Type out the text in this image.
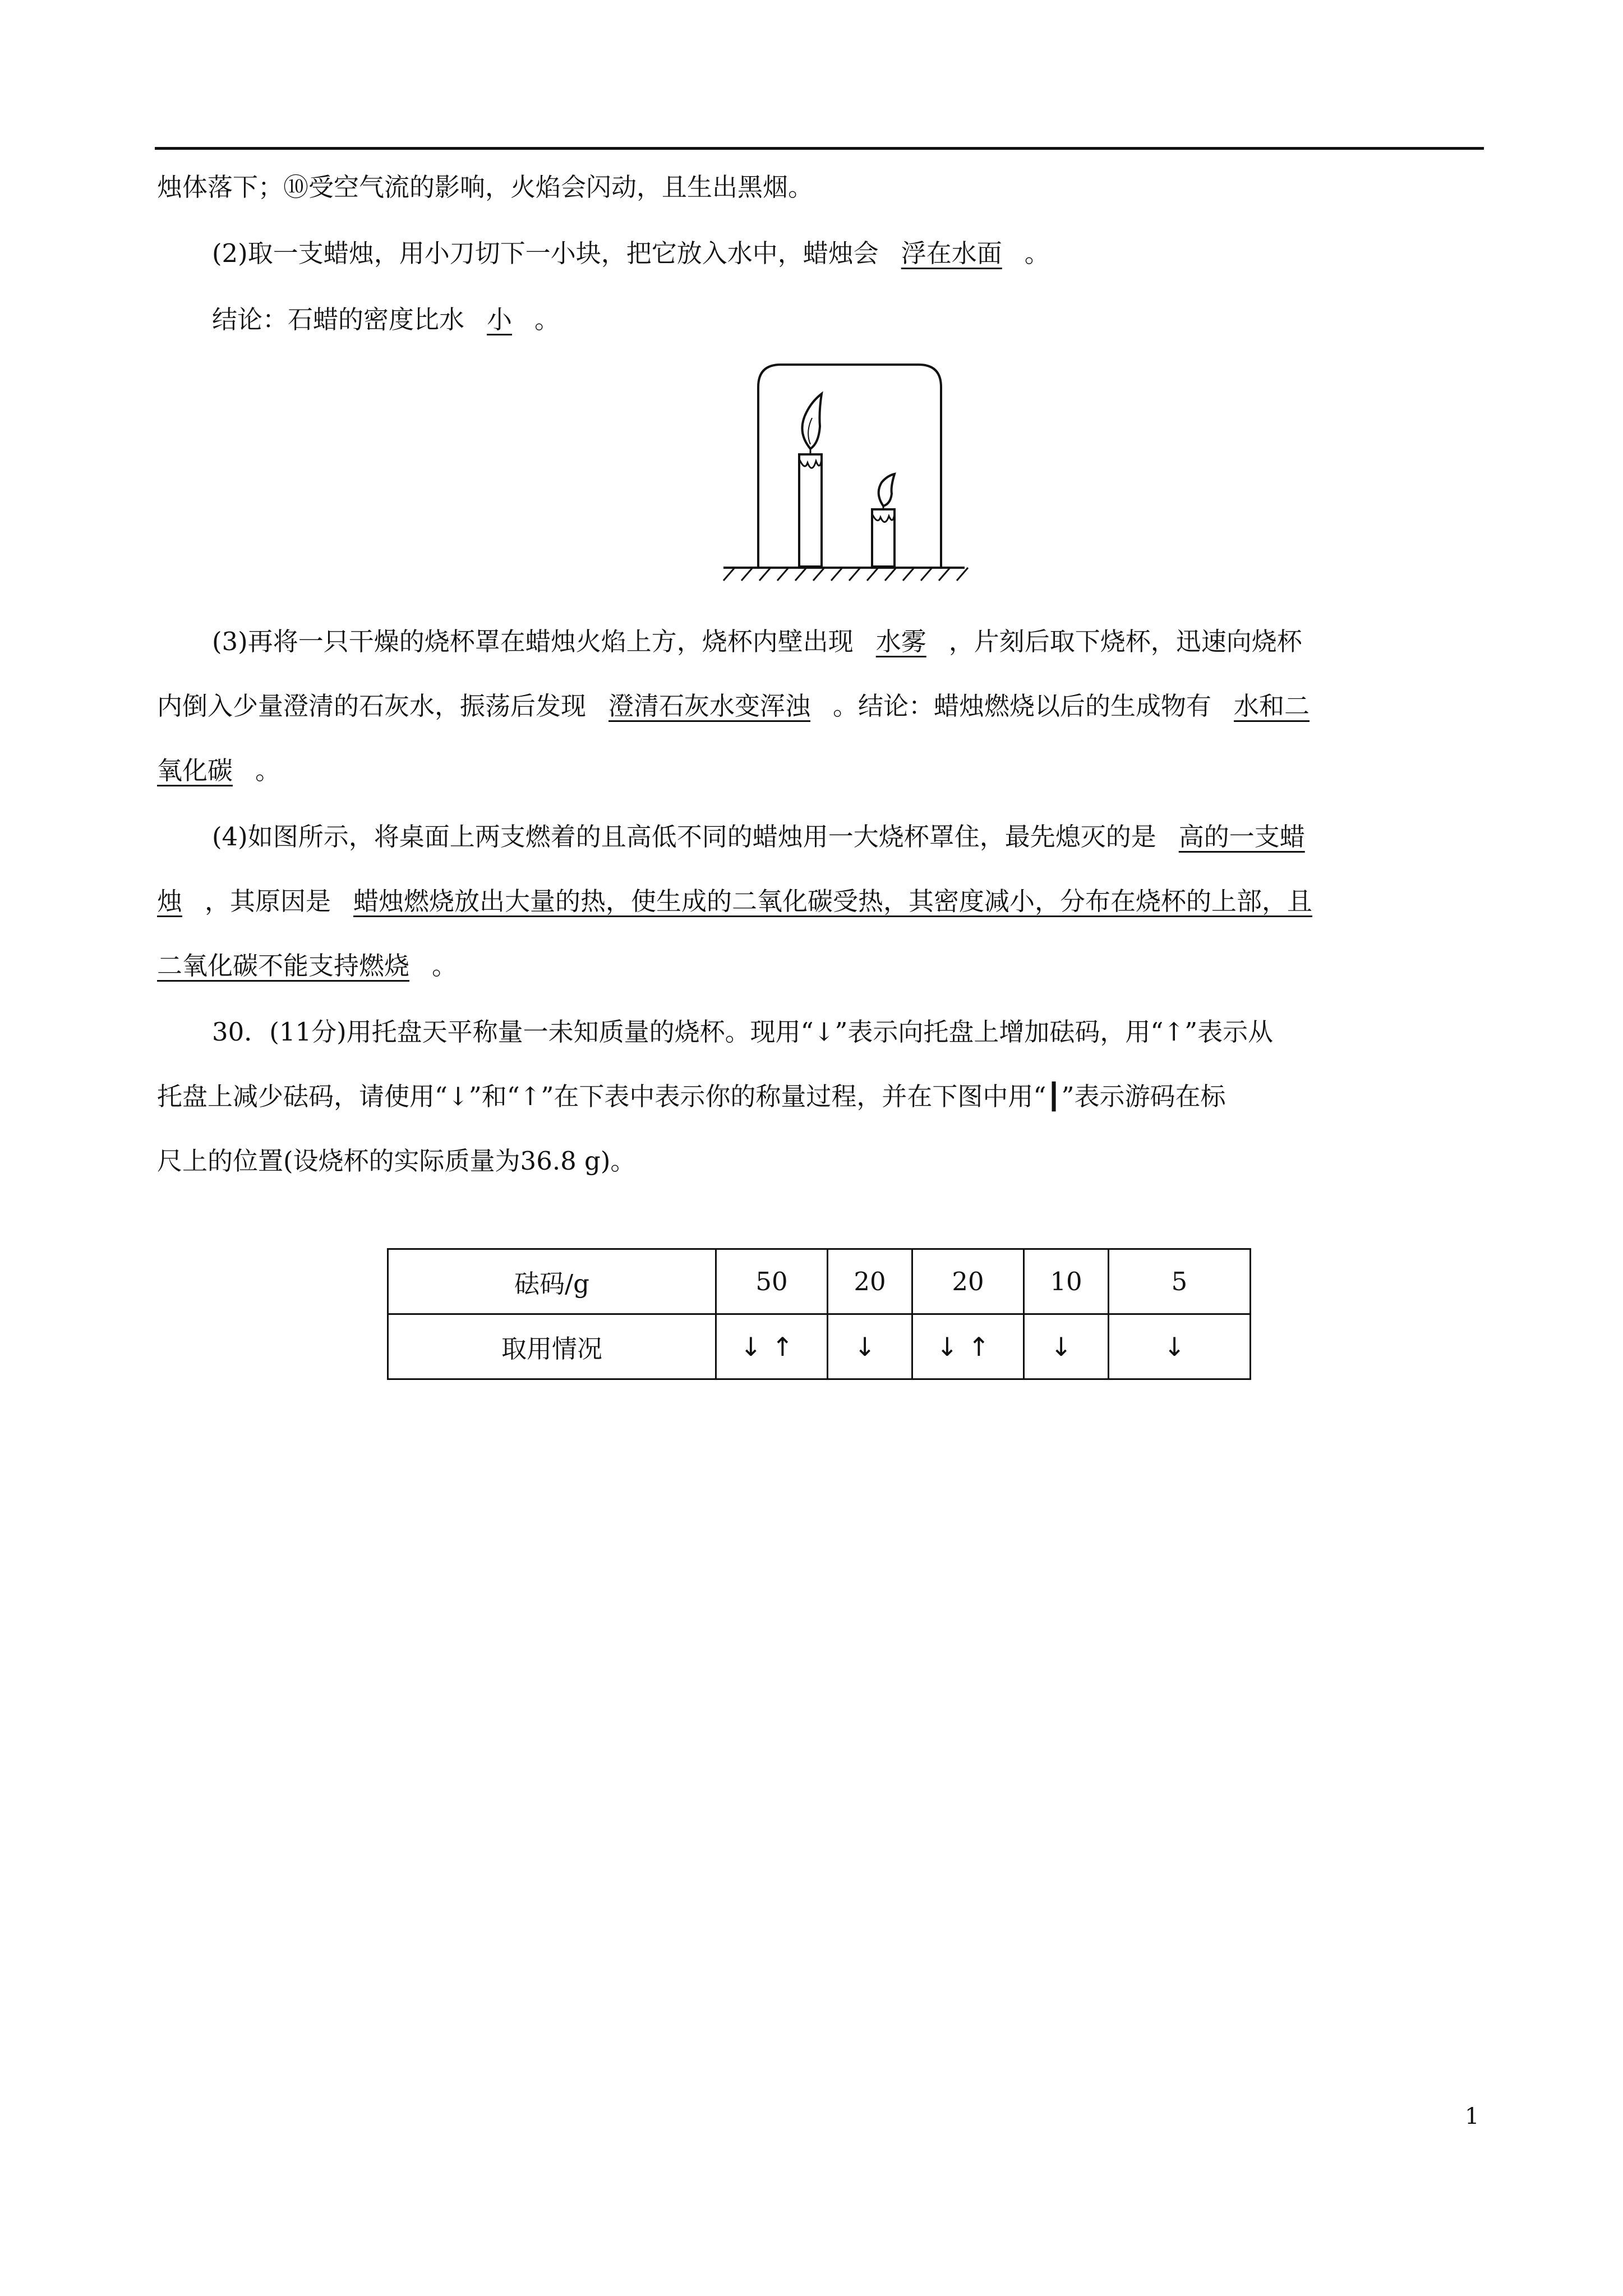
烛体落下；⑩受空气流的影响，火焰会闪动，且生出黑烟。
(2)取一支蜡烛，用小刀切下一小块，把它放入水中，蜡烛会 浮在水面 。
结论：石蜡的密度比水 小 。
(3)再将一只干燥的烧杯罩在蜡烛火焰上方，烧杯内壁出现 水雾 ，片刻后取下烧杯，迅速向烧杯
内倒入少量澄清的石灰水，振荡后发现 澄清石灰水变浑浊 。结论：蜡烛燃烧以后的生成物有 水和二
氧化碳 。
(4)如图所示，将桌面上两支燃着的且高低不同的蜡烛用一大烧杯罩住，最先熄灭的是 高的一支蜡
烛 ，其原因是 蜡烛燃烧放出大量的热，使生成的二氧化碳受热，其密度减小，分布在烧杯的上部，且
二氧化碳不能支持燃烧 。
30．(11分)用托盘天平称量一未知质量的烧杯。现用“↓”表示向托盘上增加砝码，用“↑”表示从
托盘上减少砝码，请使用“↓”和“↑”在下表中表示你的称量过程，并在下图中用“┃”表示游码在标
尺上的位置(设烧杯的实际质量为36.8 g)。
砝码/g	50	20	20	10	5
取用情况	↓↑	↓	↓↑	↓	↓
1
